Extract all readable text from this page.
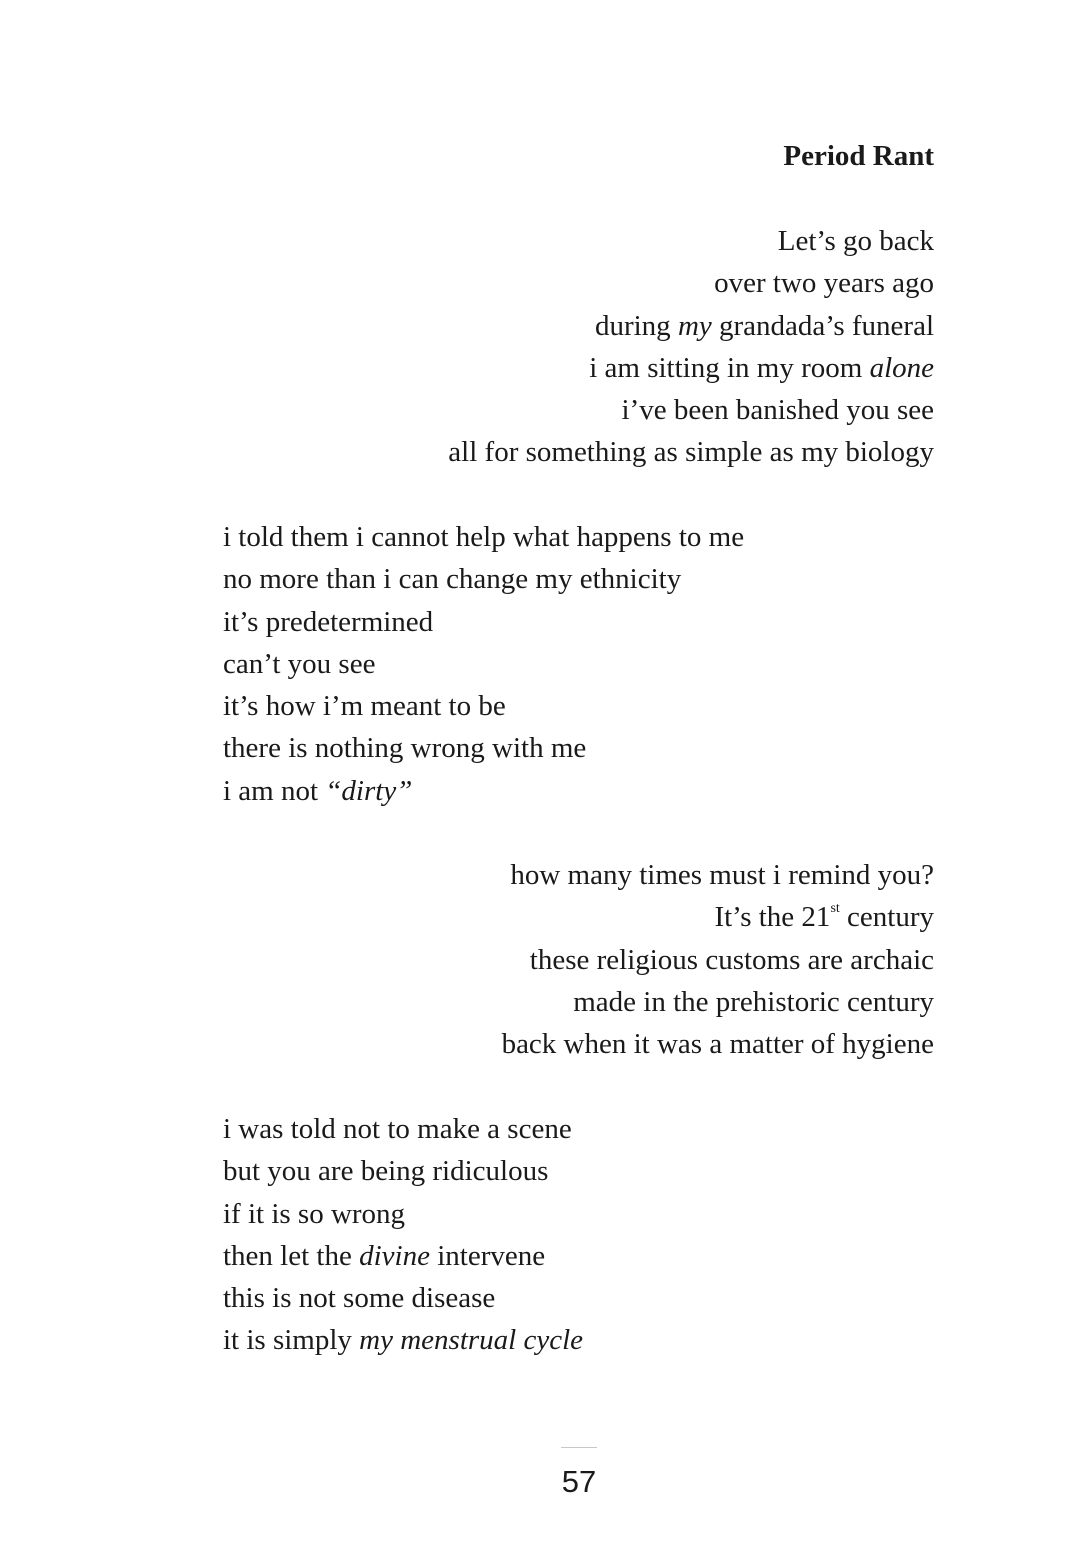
Period Rant
Let’s go back
over two years ago
during my grandada’s funeral
i am sitting in my room alone
i’ve been banished you see
all for something as simple as my biology
i told them i cannot help what happens to me
no more than i can change my ethnicity
it’s predetermined
can’t you see
it’s how i’m meant to be
there is nothing wrong with me
i am not “dirty”
how many times must i remind you?
It’s the 21st century
these religious customs are archaic
made in the prehistoric century
back when it was a matter of hygiene
i was told not to make a scene
but you are being ridiculous
if it is so wrong
then let the divine intervene
this is not some disease
it is simply my menstrual cycle
57
